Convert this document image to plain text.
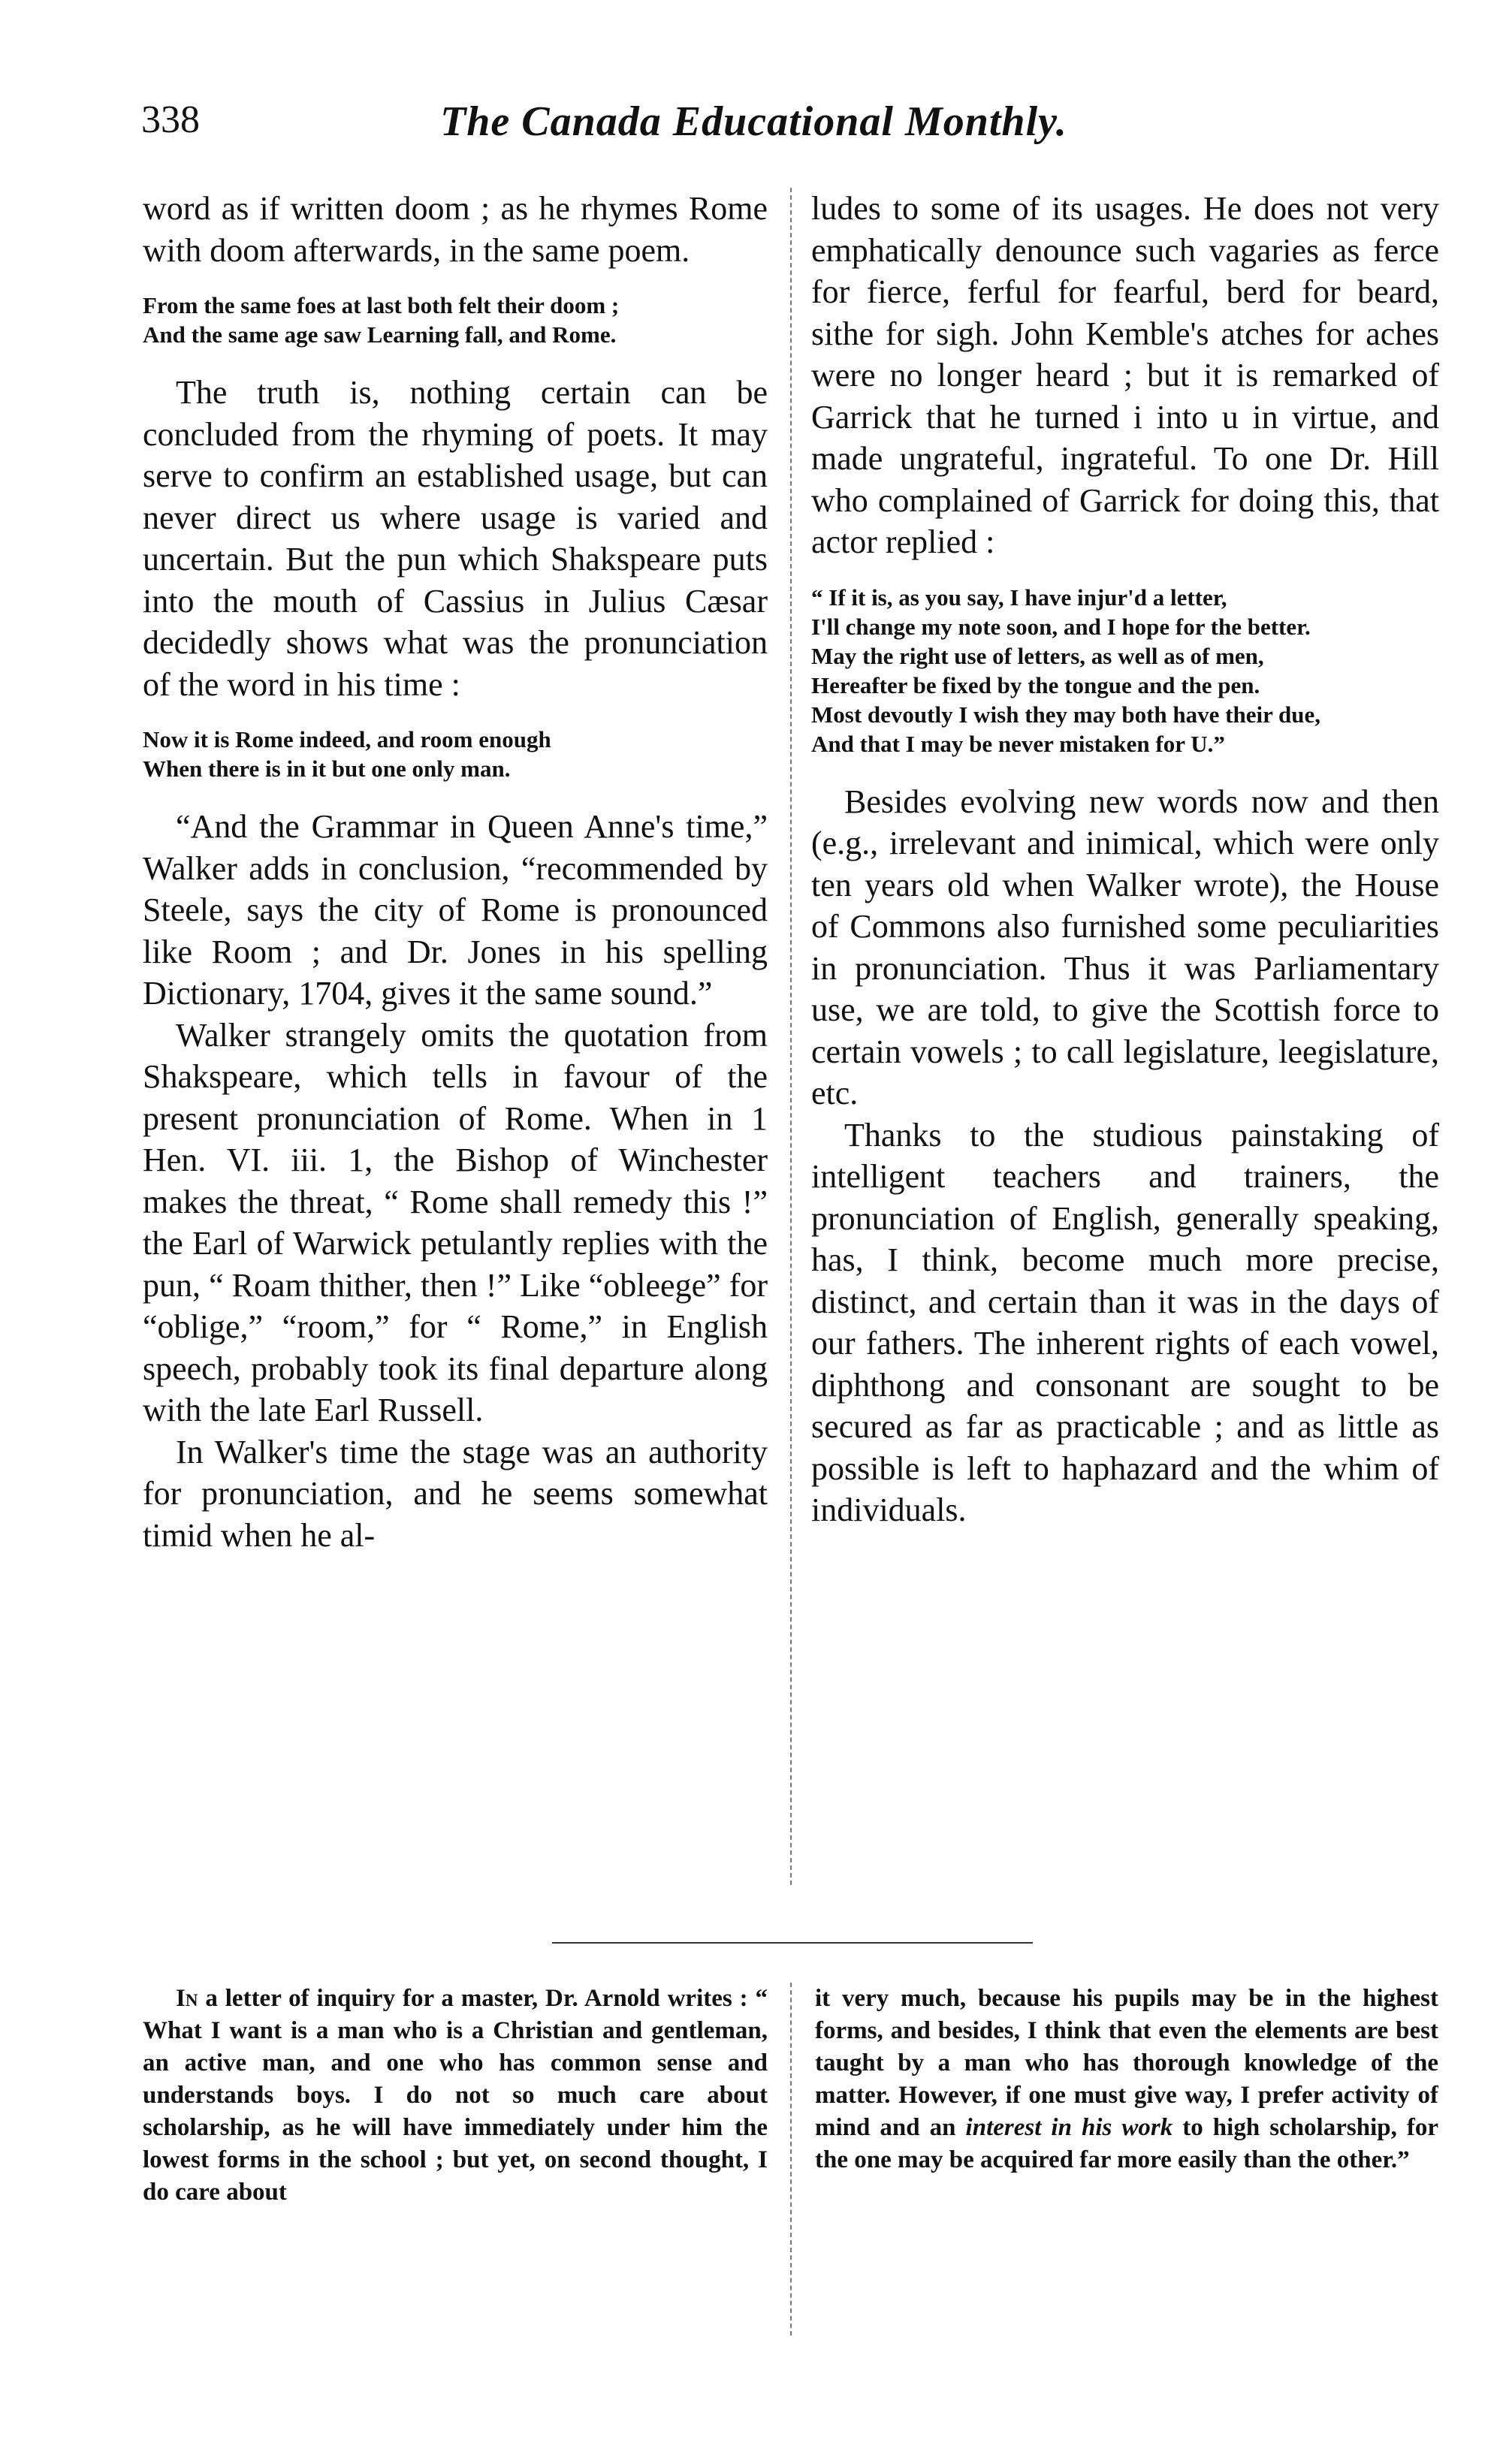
338	The Canada Educational Monthly.

word as if written doom ; as he rhymes Rome with doom afterwards, in the same poem.

From the same foes at last both felt their doom ;
And the same age saw Learning fall, and Rome.

The truth is, nothing certain can be concluded from the rhyming of poets. It may serve to confirm an established usage, but can never direct us where usage is varied and uncertain. But the pun which Shakspeare puts into the mouth of Cassius in Julius Cæsar decidedly shows what was the pronunciation of the word in his time :

Now it is Rome indeed, and room enough
When there is in it but one only man.

“And the Grammar in Queen Anne's time,” Walker adds in conclusion, “recommended by Steele, says the city of Rome is pronounced like Room ; and Dr. Jones in his spelling Dictionary, 1704, gives it the same sound.”

Walker strangely omits the quotation from Shakspeare, which tells in favour of the present pronunciation of Rome. When in 1 Hen. VI. iii. 1, the Bishop of Winchester makes the threat, “ Rome shall remedy this !” the Earl of Warwick petulantly replies with the pun, “ Roam thither, then !” Like “obleege” for “oblige,” “room,” for “ Rome,” in English speech, probably took its final departure along with the late Earl Russell.

In Walker's time the stage was an authority for pronunciation, and he seems somewhat timid when he al-

ludes to some of its usages. He does not very emphatically denounce such vagaries as ferce for fierce, ferful for fearful, berd for beard, sithe for sigh. John Kemble's atches for aches were no longer heard ; but it is remarked of Garrick that he turned i into u in virtue, and made ungrateful, ingrateful. To one Dr. Hill who complained of Garrick for doing this, that actor replied :

“ If it is, as you say, I have injur'd a letter,
I'll change my note soon, and I hope for the better.
May the right use of letters, as well as of men,
Hereafter be fixed by the tongue and the pen.
Most devoutly I wish they may both have their due,
And that I may be never mistaken for U.”

Besides evolving new words now and then (e.g., irrelevant and inimical, which were only ten years old when Walker wrote), the House of Commons also furnished some peculiarities in pronunciation. Thus it was Parliamentary use, we are told, to give the Scottish force to certain vowels ; to call legislature, leegislature, etc.

Thanks to the studious painstaking of intelligent teachers and trainers, the pronunciation of English, generally speaking, has, I think, become much more precise, distinct, and certain than it was in the days of our fathers. The inherent rights of each vowel, diphthong and consonant are sought to be secured as far as practicable ; and as little as possible is left to haphazard and the whim of individuals.

In a letter of inquiry for a master, Dr. Arnold writes : “ What I want is a man who is a Christian and gentleman, an active man, and one who has common sense and understands boys. I do not so much care about scholarship, as he will have immediately under him the lowest forms in the school ; but yet, on second thought, I do care about

it very much, because his pupils may be in the highest forms, and besides, I think that even the elements are best taught by a man who has thorough knowledge of the matter. However, if one must give way, I prefer activity of mind and an interest in his work to high scholarship, for the one may be acquired far more easily than the other.”
